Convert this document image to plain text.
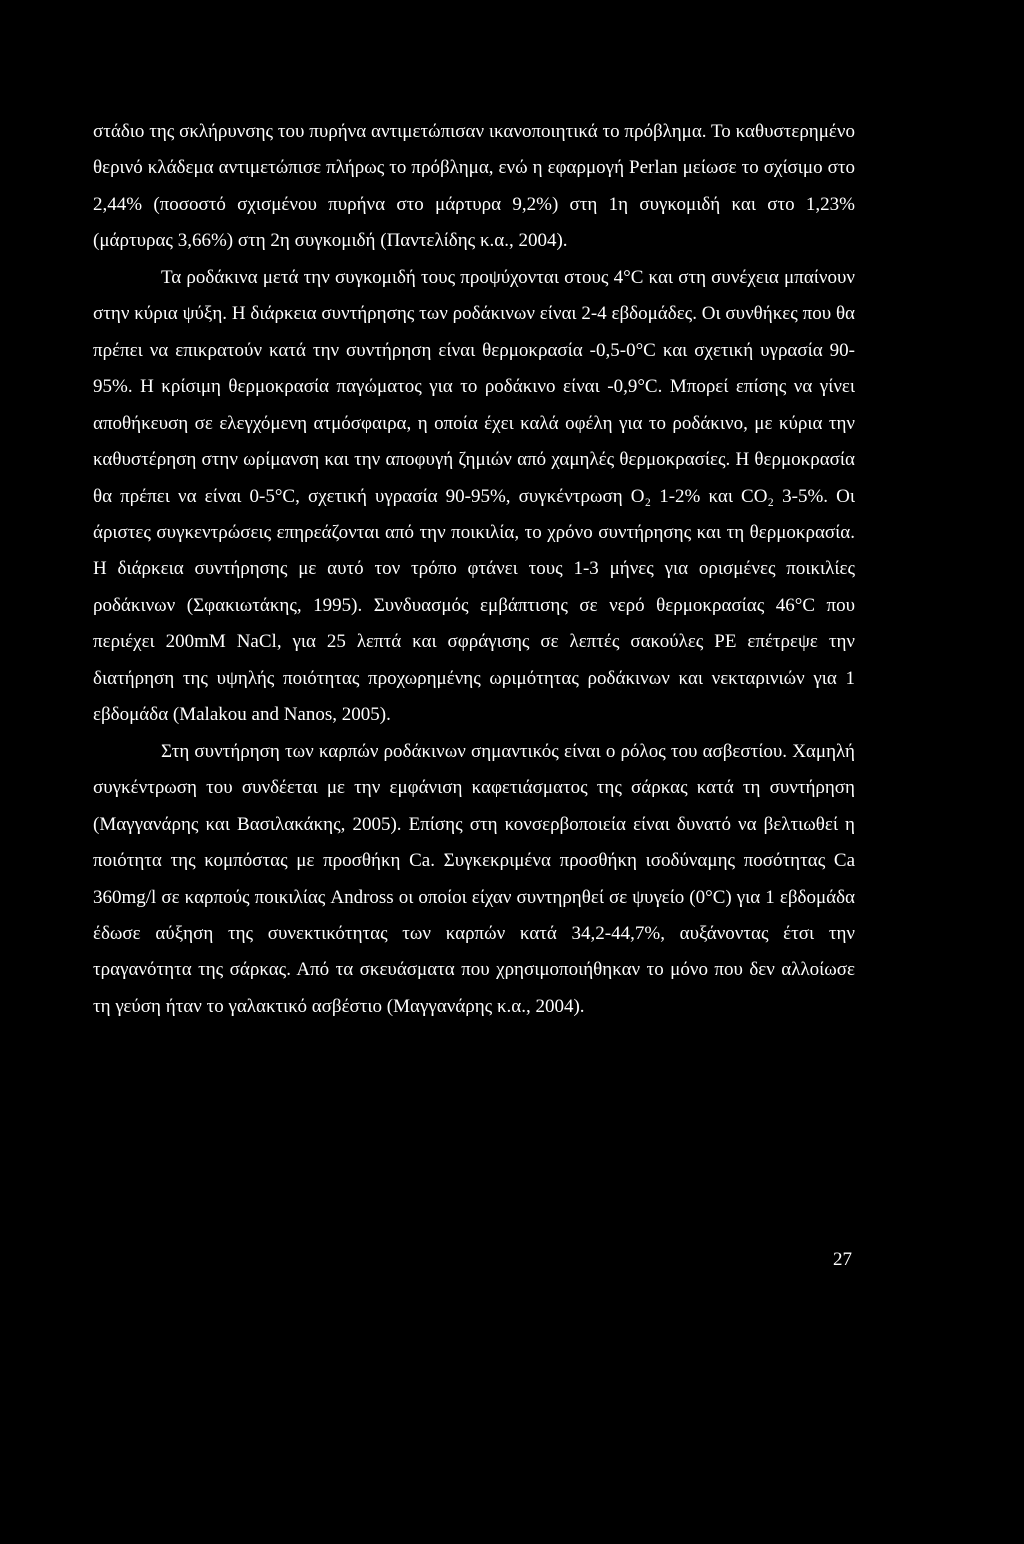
στάδιο της σκλήρυνσης του πυρήνα αντιμετώπισαν ικανοποιητικά το πρόβλημα. Το καθυστερημένο θερινό κλάδεμα αντιμετώπισε πλήρως το πρόβλημα, ενώ η εφαρμογή Perlan μείωσε το σχίσιμο στο 2,44% (ποσοστό σχισμένου πυρήνα στο μάρτυρα 9,2%) στη 1η συγκομιδή και στο 1,23% (μάρτυρας 3,66%) στη 2η συγκομιδή (Παντελίδης κ.α., 2004).

Τα ροδάκινα μετά την συγκομιδή τους προψύχονται στους 4°C και στη συνέχεια μπαίνουν στην κύρια ψύξη. Η διάρκεια συντήρησης των ροδάκινων είναι 2-4 εβδομάδες. Οι συνθήκες που θα πρέπει να επικρατούν κατά την συντήρηση είναι θερμοκρασία -0,5-0°C και σχετική υγρασία 90-95%. Η κρίσιμη θερμοκρασία παγώματος για το ροδάκινο είναι -0,9°C. Μπορεί επίσης να γίνει αποθήκευση σε ελεγχόμενη ατμόσφαιρα, η οποία έχει καλά οφέλη για το ροδάκινο, με κύρια την καθυστέρηση στην ωρίμανση και την αποφυγή ζημιών από χαμηλές θερμοκρασίες. Η θερμοκρασία θα πρέπει να είναι 0-5°C, σχετική υγρασία 90-95%, συγκέντρωση O₂ 1-2% και CO₂ 3-5%. Οι άριστες συγκεντρώσεις επηρεάζονται από την ποικιλία, το χρόνο συντήρησης και τη θερμοκρασία. Η διάρκεια συντήρησης με αυτό τον τρόπο φτάνει τους 1-3 μήνες για ορισμένες ποικιλίες ροδάκινων (Σφακιωτάκης, 1995). Συνδυασμός εμβάπτισης σε νερό θερμοκρασίας 46°C που περιέχει 200mM NaCl, για 25 λεπτά και σφράγισης σε λεπτές σακούλες PE επέτρεψε την διατήρηση της υψηλής ποιότητας προχωρημένης ωριμότητας ροδάκινων και νεκταρινιών για 1 εβδομάδα (Malakou and Nanos, 2005).

Στη συντήρηση των καρπών ροδάκινων σημαντικός είναι ο ρόλος του ασβεστίου. Χαμηλή συγκέντρωση του συνδέεται με την εμφάνιση καφετιάσματος της σάρκας κατά τη συντήρηση (Μαγγανάρης και Βασιλακάκης, 2005). Επίσης στη κονσερβοποιεία είναι δυνατό να βελτιωθεί η ποιότητα της κομπόστας με προσθήκη Ca. Συγκεκριμένα προσθήκη ισοδύναμης ποσότητας Ca 360mg/l σε καρπούς ποικιλίας Andross οι οποίοι είχαν συντηρηθεί σε ψυγείο (0°C) για 1 εβδομάδα έδωσε αύξηση της συνεκτικότητας των καρπών κατά 34,2-44,7%, αυξάνοντας έτσι την τραγανότητα της σάρκας. Από τα σκευάσματα που χρησιμοποιήθηκαν το μόνο που δεν αλλοίωσε τη γεύση ήταν το γαλακτικό ασβέστιο (Μαγγανάρης κ.α., 2004).

27
